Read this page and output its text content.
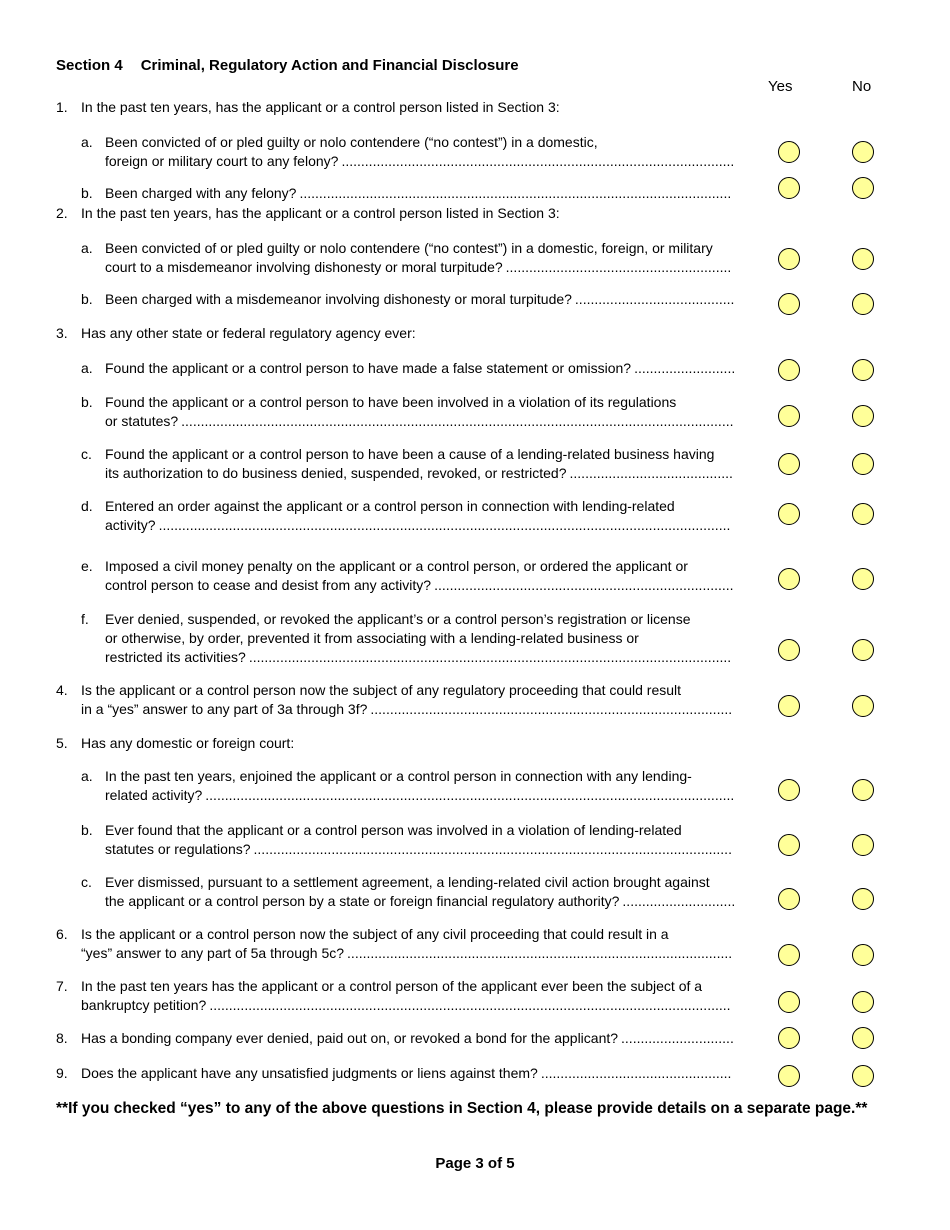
Section 4 Criminal, Regulatory Action and Financial Disclosure
Yes	No
1. In the past ten years, has the applicant or a control person listed in Section 3:
a. Been convicted of or pled guilty or nolo contendere (“no contest”) in a domestic,
foreign or military court to any felony? .....................................................................................................
b. Been charged with any felony? ...............................................................................................................
2. In the past ten years, has the applicant or a control person listed in Section 3:
a. Been convicted of or pled guilty or nolo contendere (“no contest”) in a domestic, foreign, or military
court to a misdemeanor involving dishonesty or moral turpitude? ..........................................................
b. Been charged with a misdemeanor involving dishonesty or moral turpitude? .........................................
3. Has any other state or federal regulatory agency ever:
a. Found the applicant or a control person to have made a false statement or omission? ..........................
b. Found the applicant or a control person to have been involved in a violation of its regulations
or statutes? ..............................................................................................................................................
c. Found the applicant or a control person to have been a cause of a lending-related business having
its authorization to do business denied, suspended, revoked, or restricted? ..........................................
d. Entered an order against the applicant or a control person in connection with lending-related
activity? ...................................................................................................................................................
e. Imposed a civil money penalty on the applicant or a control person, or ordered the applicant or
control person to cease and desist from any activity? .............................................................................
f. Ever denied, suspended, or revoked the applicant’s or a control person’s registration or license
or otherwise, by order, prevented it from associating with a lending-related business or
restricted its activities? ............................................................................................................................
4. Is the applicant or a control person now the subject of any regulatory proceeding that could result
in a “yes” answer to any part of 3a through 3f? .............................................................................................
5. Has any domestic or foreign court:
a. In the past ten years, enjoined the applicant or a control person in connection with any lending-
related activity? ........................................................................................................................................
b. Ever found that the applicant or a control person was involved in a violation of lending-related
statutes or regulations? ...........................................................................................................................
c. Ever dismissed, pursuant to a settlement agreement, a lending-related civil action brought against
the applicant or a control person by a state or foreign financial regulatory authority? .............................
6. Is the applicant or a control person now the subject of any civil proceeding that could result in a
“yes” answer to any part of 5a through 5c? ...................................................................................................
7. In the past ten years has the applicant or a control person of the applicant ever been the subject of a
bankruptcy petition? ......................................................................................................................................
8. Has a bonding company ever denied, paid out on, or revoked a bond for the applicant? .............................
9. Does the applicant have any unsatisfied judgments or liens against them? .................................................
**If you checked “yes” to any of the above questions in Section 4, please provide details on a separate page.**
Page 3 of 5
